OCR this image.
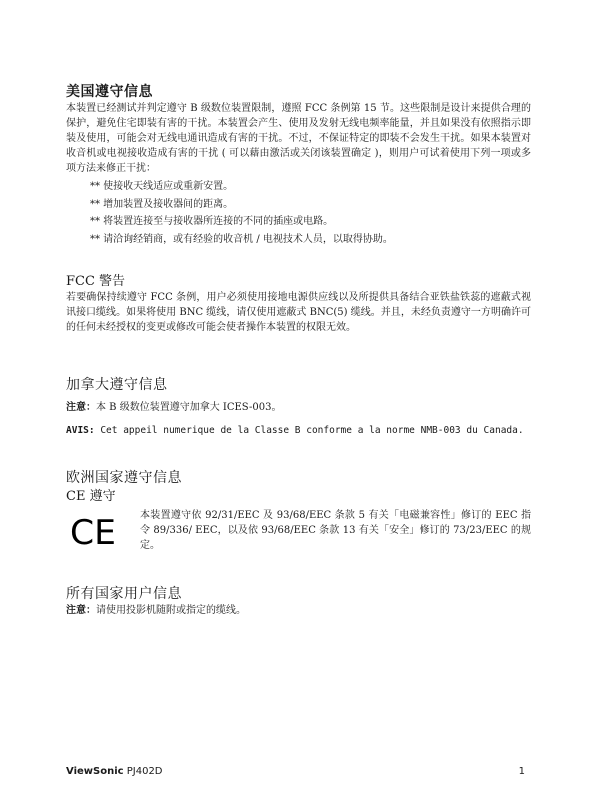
美国遵守信息

本装置已经测试并判定遵守 B 级数位装置限制，遵照 FCC 条例第 15 节。这些限制是设计来提供合理的保护，避免住宅即装有害的干扰。本装置会产生、使用及发射无线电频率能量，并且如果没有依照指示即装及使用，可能会对无线电通讯造成有害的干扰。不过，不保证特定的即装不会发生干扰。如果本装置对收音机或电视接收造成有害的干扰 ( 可以藉由激活或关闭该装置确定 )，则用户可试着使用下列一项或多项方法来修正干扰：

** 使接收天线适应或重新安置。
** 增加装置及接收器间的距离。
** 将装置连接至与接收器所连接的不同的插座或电路。
** 请洽询经销商，或有经验的收音机 / 电视技术人员，以取得协助。
FCC 警告

若要确保持续遵守 FCC 条例，用户必须使用接地电源供应线以及所提供具备结合亚铁盐铁蕊的遮蔽式视讯接口缆线。如果将使用 BNC 缆线，请仅使用遮蔽式 BNC(5) 缆线。并且，未经负责遵守一方明确许可的任何未经授权的变更或修改可能会使者操作本装置的权限无效。

加拿大遵守信息

注意：本 B 级数位装置遵守加拿大 ICES-003。

AVIS: Cet appeil numerique de la Classe B conforme a la norme NMB-003 du Canada.

欧洲国家遵守信息
CE 遵守
CE 本装置遵守依 92/31/EEC 及 93/68/EEC 条款 5 有关「电磁兼容性」修订的 EEC 指令 89/336/ EEC，以及依 93/68/EEC 条款 13 有关「安全」修订的 73/23/EEC 的规定。

所有国家用户信息

注意：请使用投影机随附或指定的缆线。

ViewSonic PJ402D	1
